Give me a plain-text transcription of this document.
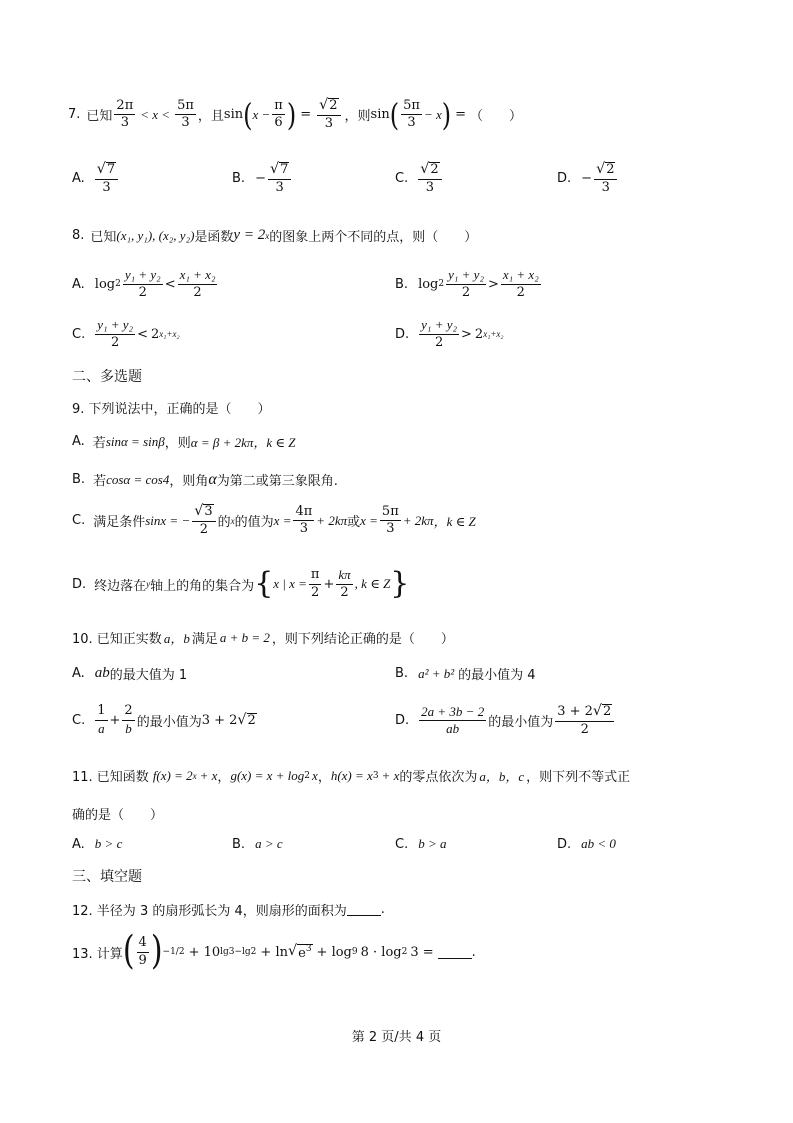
7. 已知 $\frac{2\pi}{3} < x < \frac{5\pi}{3}$ ，且 sin ( $x - \frac{\pi}{6}$ ) = $\frac{√ 2}{3}$ ，则 sin ( $\frac{5\pi}{3} - x$ ) = （　　）
A. $\frac{√ 7}{3}$	B. − $\frac{√ 7}{3}$	C. $\frac{√ 2}{3}$	D. − $\frac{√ 2}{3}$
8. 已知 (x₁, y₁), (x₂, y₂) 是函数 y = 2 x 的图象上两个不同的点，则（　　）
A. $\log 2 \frac{\text{y₁ + y₂}}{2} < \frac{\text{x₁ + x₂}}{2}$	B. $\log 2 \frac{\text{y₁ + y₂}}{2} > \frac{\text{x₁ + x₂}}{2}$
C. $\frac{\text{y₁ + y₂}}{2} < 2$ x₁+x₂	D. $\frac{\text{y₁ + y₂}}{2} > 2$ x₁+x₂
二、多选题
9. 下列说法中，正确的是（　　）
A. 若 sinα = sinβ ，则 α = β + 2kπ，k ∈ Z
B. 若 cosα = cos4 ，则角 α 为第二或第三象限角.
C. 满足条件 sinx = − $\frac{√ 3}{2}$ 的 x 的值为 $x = \frac{4\pi}{3} + 2k\pi$ 或 $x = \frac{5\pi}{3} + 2k\pi$ ，k ∈ Z
D. 终边落在 y 轴上的角的集合为 { x | $x = \frac{\pi}{2} + \frac{k\pi}{2}$ , k ∈ Z }
10. 已知正实数 a，b 满足 a + b = 2 ，则下列结论正确的是（　　）
A. ab 的最大值为 1	B. a² + b² 的最小值为 4
C. $\frac{1}{a} + \frac{2}{b}$ 的最小值为 3 + 2 √ 2	D. $\frac{2a + 3b - 2}{ab}$ 的最小值为 $\frac{3 + 2 √ 2}{2}$
11. 已知函数 f(x) = 2 x + x ， g(x) = x + log 2 x ， h(x) = x 3 + x 的零点依次为 a，b，c ，则下列不等式正
确的是（　　）
A. b > c	B. a > c	C. b > a	D. ab < 0
三、填空题
12. 半径为 3 的扇形弧长为 4，则扇形的面积为	.
13. 计算 ( $\frac{4}{9}$ ) −1/2 + 10 lg3−lg2 + ln √ $e^3 + \log 9$ 8 · log 2 3 =	.
第 2 页/共 4 页
